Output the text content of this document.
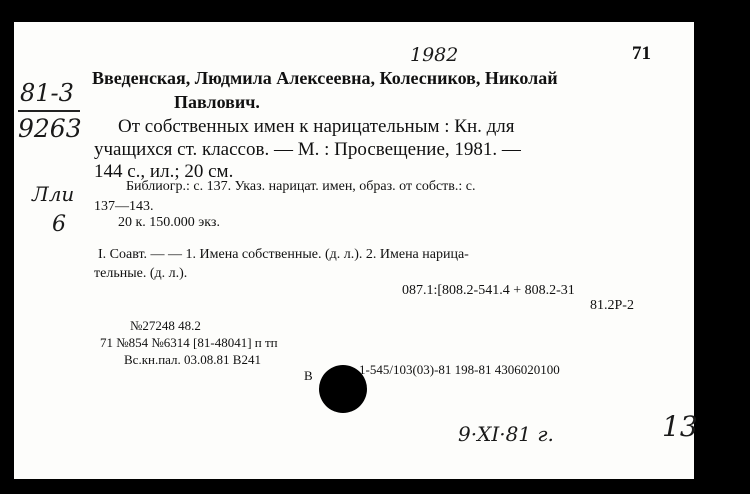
1982
81-3
9263
Лли
6
9·XI·81 г.	13
71
Введенская, Людмила Алексеевна, Колесников, Николай
Павлович.
От собственных имен к нарицательным : Кн. для
учащихся ст. классов. — М. : Просвещение, 1981. —
144 с., ил.; 20 см.
Библиогр.: с. 137. Указ. нарицат. имен, образ. от собств.: с.
137—143.
20 к. 150.000 экз.
I. Соавт. — — 1. Имена собственные. (д. л.). 2. Имена нарица-
тельные. (д. л.).
087.1:[808.2-541.4 + 808.2-31
81.2Р-2
№27248 48.2
71 №854 №6314 [81-48041] п тп
Вс.кн.пал. 03.08.81 В241
В	1-545/103(03)-81 198-81 4306020100
